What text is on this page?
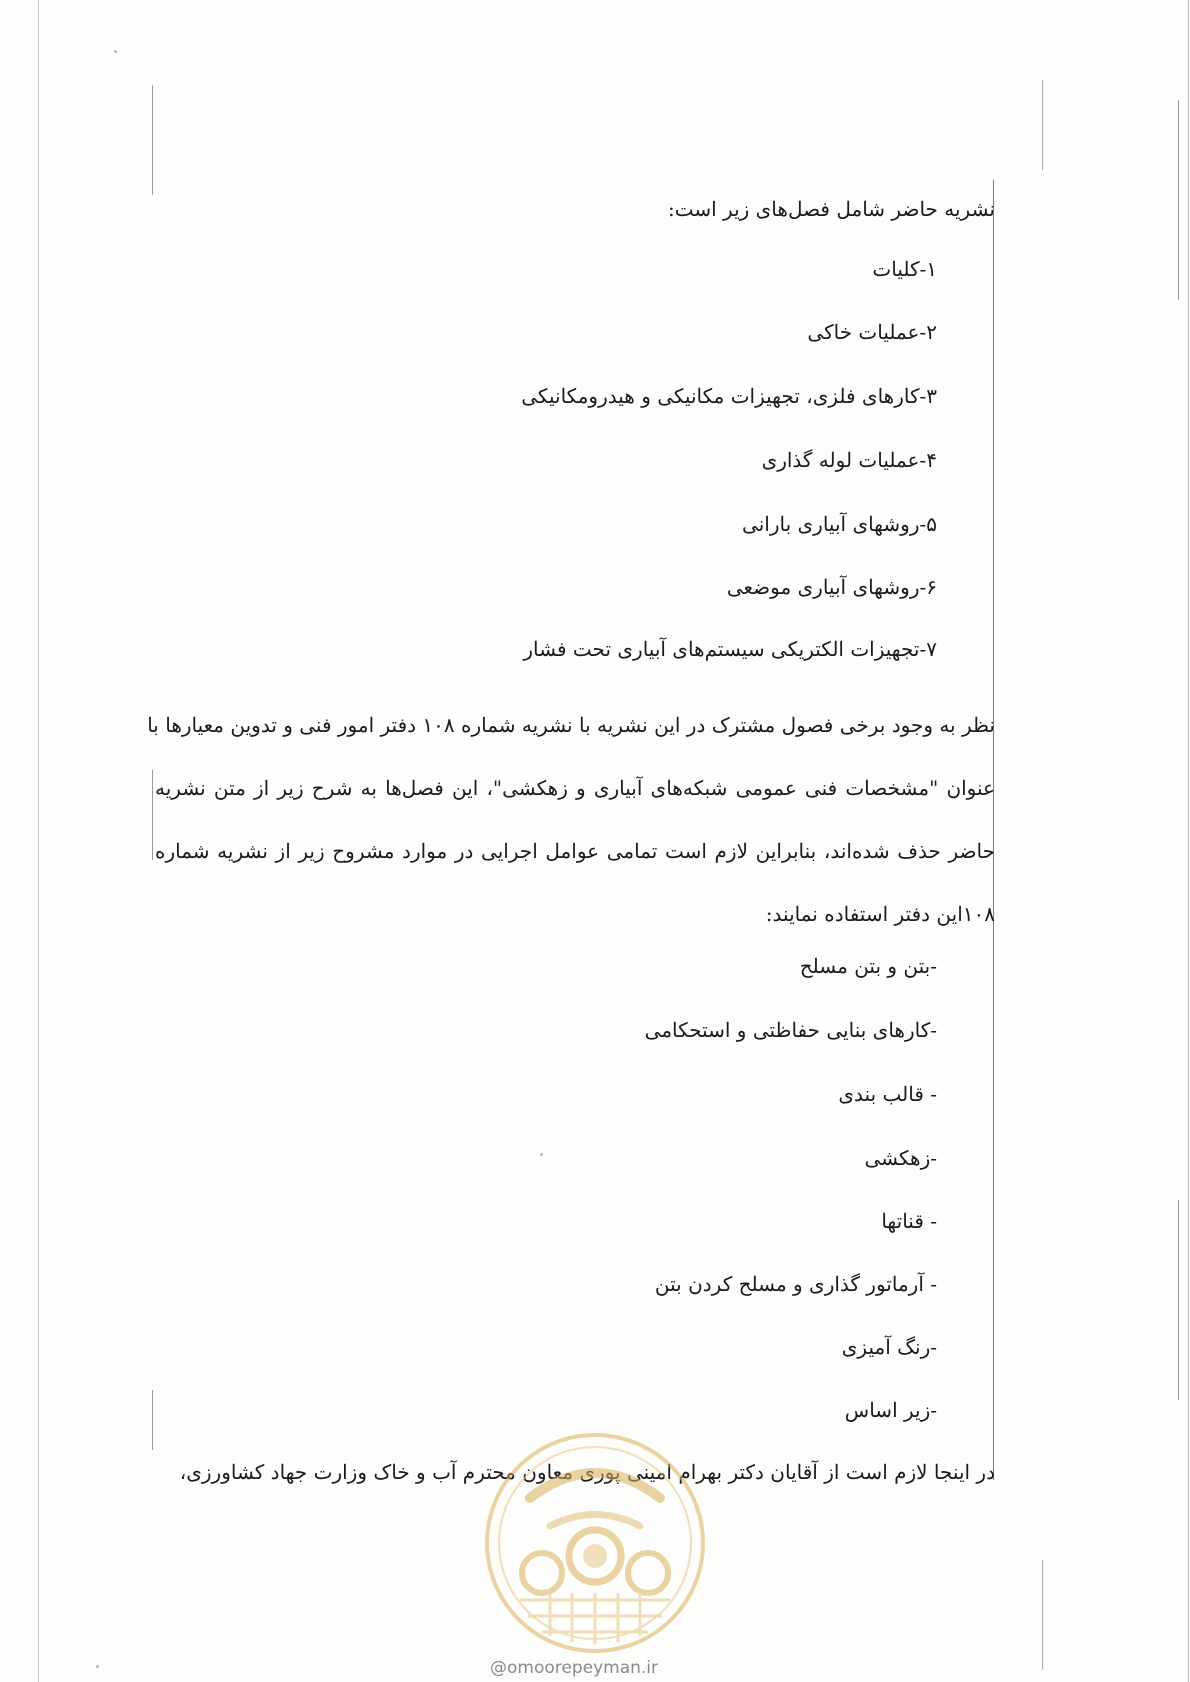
نشریه حاضر شامل فصل‌های زیر است:
۱-کلیات
۲-عملیات خاکی
۳-کارهای فلزی، تجهیزات مکانیکی و هیدرومکانیکی
۴-عملیات لوله گذاری
۵-روشهای آبیاری بارانی
۶-روشهای آبیاری موضعی
۷-تجهیزات الکتریکی سیستم‌های آبیاری تحت فشار
نظر به وجود برخی فصول مشترک در این نشریه با نشریه شماره ۱۰۸ دفتر امور فنی و تدوین معیارها با
عنوان "مشخصات فنی عمومی شبکه‌های آبیاری و زهکشی"، این فصل‌ها به شرح زیر از متن نشریه
حاضر حذف شده‌اند، بنابراین لازم است تمامی عوامل اجرایی در موارد مشروح زیر از نشریه شماره
۱۰۸این دفتر استفاده نمایند:
-بتن و بتن مسلح
-کارهای بنایی حفاظتی و استحکامی
- قالب بندی
-زهکشی
- قناتها
- آرماتور گذاری و مسلح کردن بتن
-رنگ آمیزی
-زیر اساس
در اینجا لازم است از آقایان دکتر بهرام امینی پوری معاون محترم آب و خاک وزارت جهاد کشاورزی،
@omoorepeyman.ir
